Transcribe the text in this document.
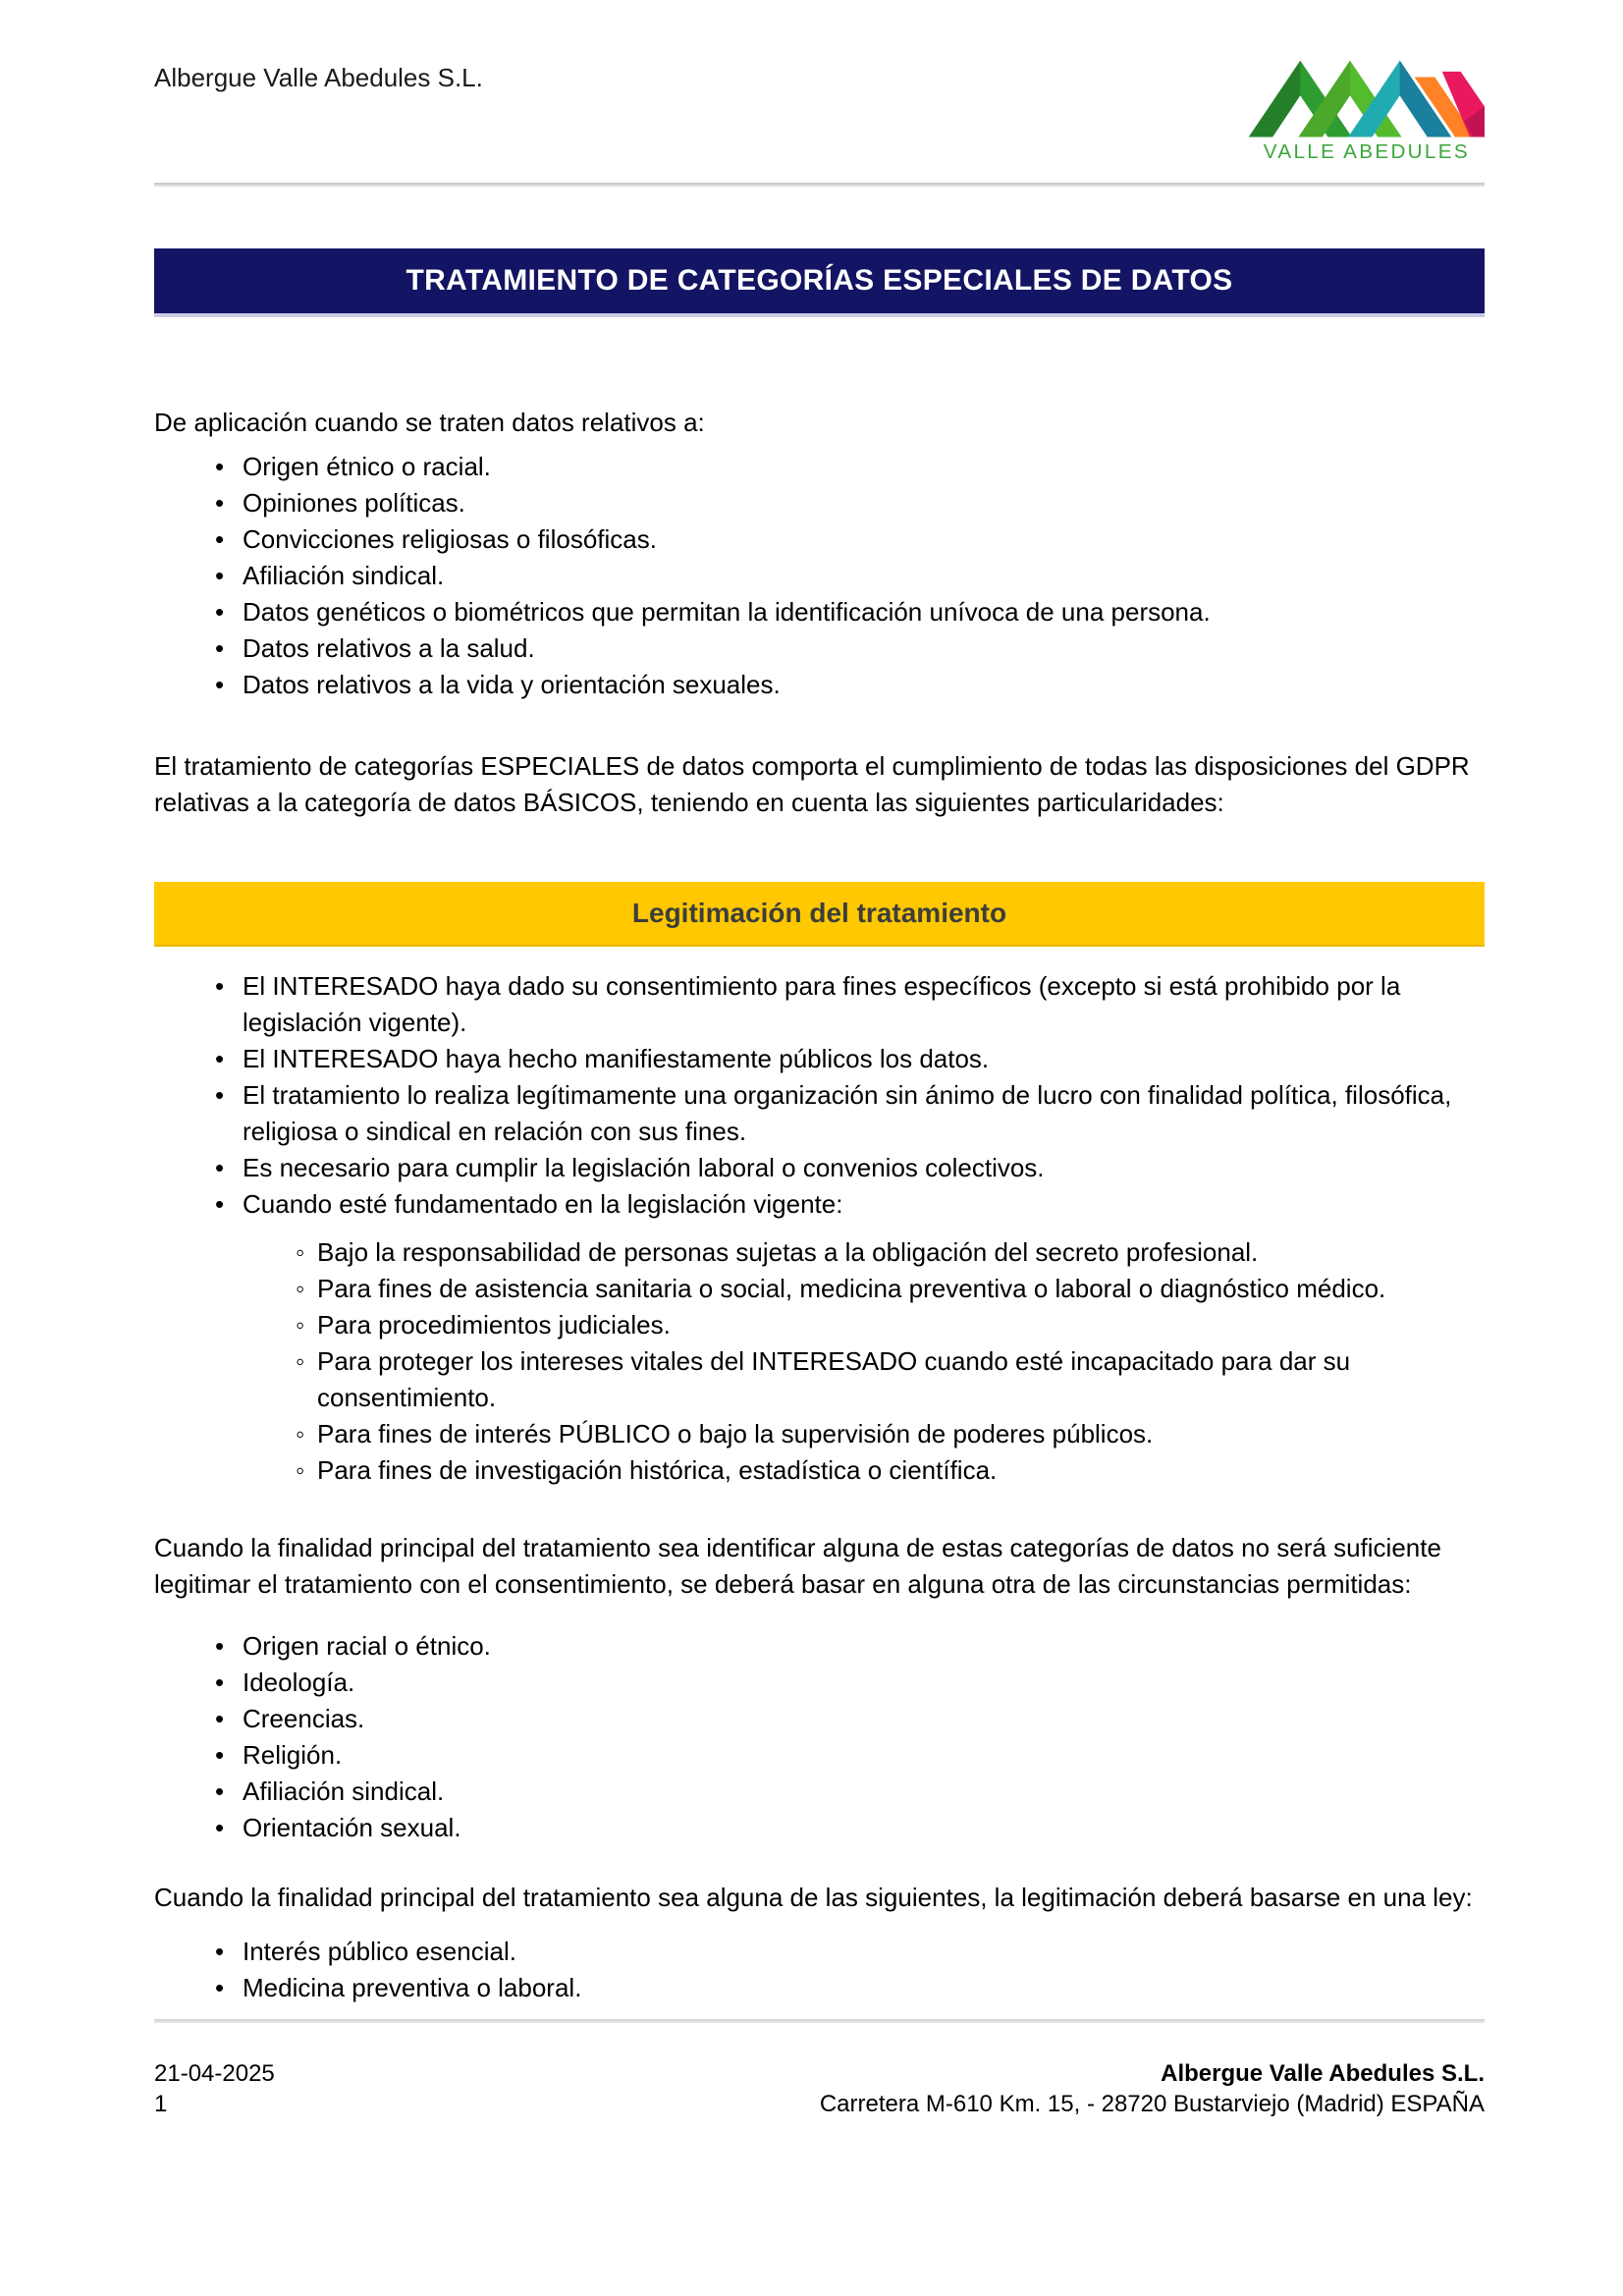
Albergue Valle Abedules S.L.
VALLE ABEDULES
TRATAMIENTO DE CATEGORÍAS ESPECIALES DE DATOS

De aplicación cuando se traten datos relativos a:

• Origen étnico o racial.
• Opiniones políticas.
• Convicciones religiosas o filosóficas.
• Afiliación sindical.
• Datos genéticos o biométricos que permitan la identificación unívoca de una persona.
• Datos relativos a la salud.
• Datos relativos a la vida y orientación sexuales.

El tratamiento de categorías ESPECIALES de datos comporta el cumplimiento de todas las disposiciones del GDPR relativas a la categoría de datos BÁSICOS, teniendo en cuenta las siguientes particularidades:

Legitimación del tratamiento
• El INTERESADO haya dado su consentimiento para fines específicos (excepto si está prohibido por la legislación vigente).
• El INTERESADO haya hecho manifiestamente públicos los datos.
• El tratamiento lo realiza legítimamente una organización sin ánimo de lucro con finalidad política, filosófica, religiosa o sindical en relación con sus fines.
• Es necesario para cumplir la legislación laboral o convenios colectivos.
• Cuando esté fundamentado en la legislación vigente:
◦ Bajo la responsabilidad de personas sujetas a la obligación del secreto profesional.
◦ Para fines de asistencia sanitaria o social, medicina preventiva o laboral o diagnóstico médico.
◦ Para procedimientos judiciales.
◦ Para proteger los intereses vitales del INTERESADO cuando esté incapacitado para dar su consentimiento.
◦ Para fines de interés PÚBLICO o bajo la supervisión de poderes públicos.
◦ Para fines de investigación histórica, estadística o científica.

Cuando la finalidad principal del tratamiento sea identificar alguna de estas categorías de datos no será suficiente legitimar el tratamiento con el consentimiento, se deberá basar en alguna otra de las circunstancias permitidas:

• Origen racial o étnico.
• Ideología.
• Creencias.
• Religión.
• Afiliación sindical.
• Orientación sexual.

Cuando la finalidad principal del tratamiento sea alguna de las siguientes, la legitimación deberá basarse en una ley:

• Interés público esencial.
• Medicina preventiva o laboral.
21-04-2025
1
Albergue Valle Abedules S.L.
Carretera M-610 Km. 15, - 28720 Bustarviejo (Madrid) ESPAÑA
